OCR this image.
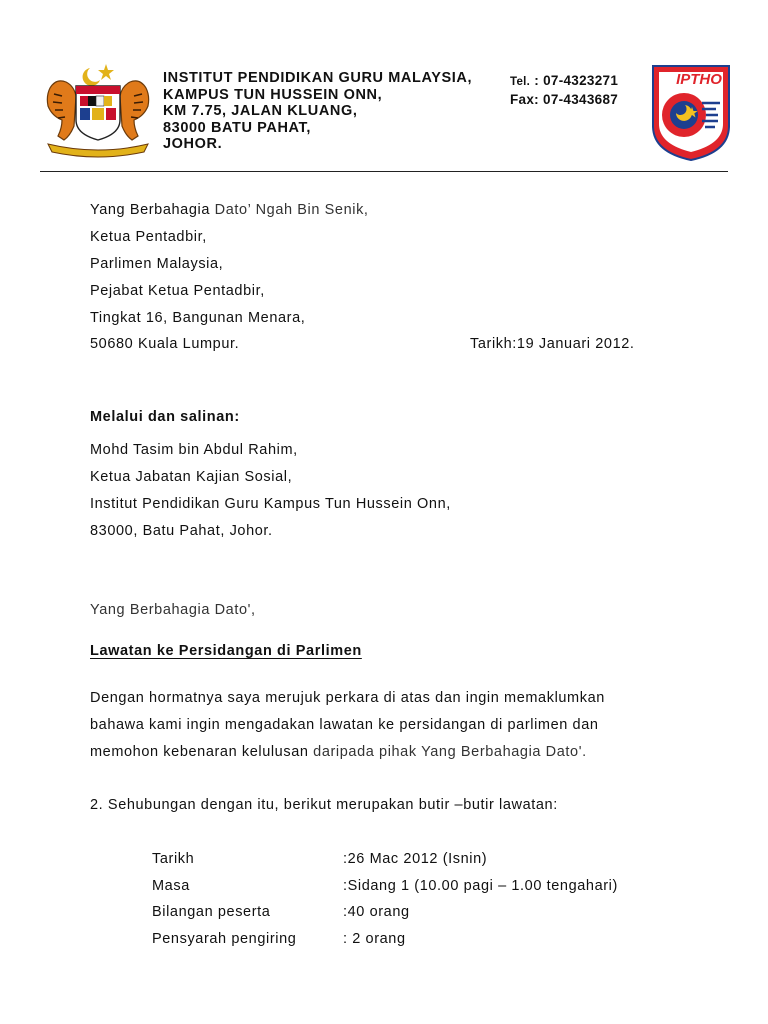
INSTITUT PENDIDIKAN GURU MALAYSIA,
KAMPUS TUN HUSSEIN ONN,
KM 7.75, JALAN KLUANG,
83000 BATU PAHAT,
JOHOR.
Tel. : 07-4323271
Fax: 07-4343687
IPTHO
Yang Berbahagia Dato’ Ngah Bin Senik,
Ketua Pentadbir,
Parlimen Malaysia,
Pejabat Ketua Pentadbir,
Tingkat 16, Bangunan Menara,
50680 Kuala Lumpur.	Tarikh:19 Januari 2012.
Melalui dan salinan:
Mohd Tasim bin Abdul Rahim,
Ketua Jabatan Kajian Sosial,
Institut Pendidikan Guru Kampus Tun Hussein Onn,
83000, Batu Pahat, Johor.
Yang Berbahagia Dato',
Lawatan ke Persidangan di Parlimen
Dengan hormatnya saya merujuk perkara di atas dan ingin memaklumkan
bahawa kami ingin mengadakan lawatan ke persidangan di parlimen dan
memohon kebenaran kelulusan daripada pihak Yang Berbahagia Dato'.
2. Sehubungan dengan itu, berikut merupakan butir –butir lawatan:
Tarikh	:26 Mac 2012 (Isnin)
Masa	:Sidang 1 (10.00 pagi – 1.00 tengahari)
Bilangan peserta	:40 orang
Pensyarah pengiring	: 2 orang
